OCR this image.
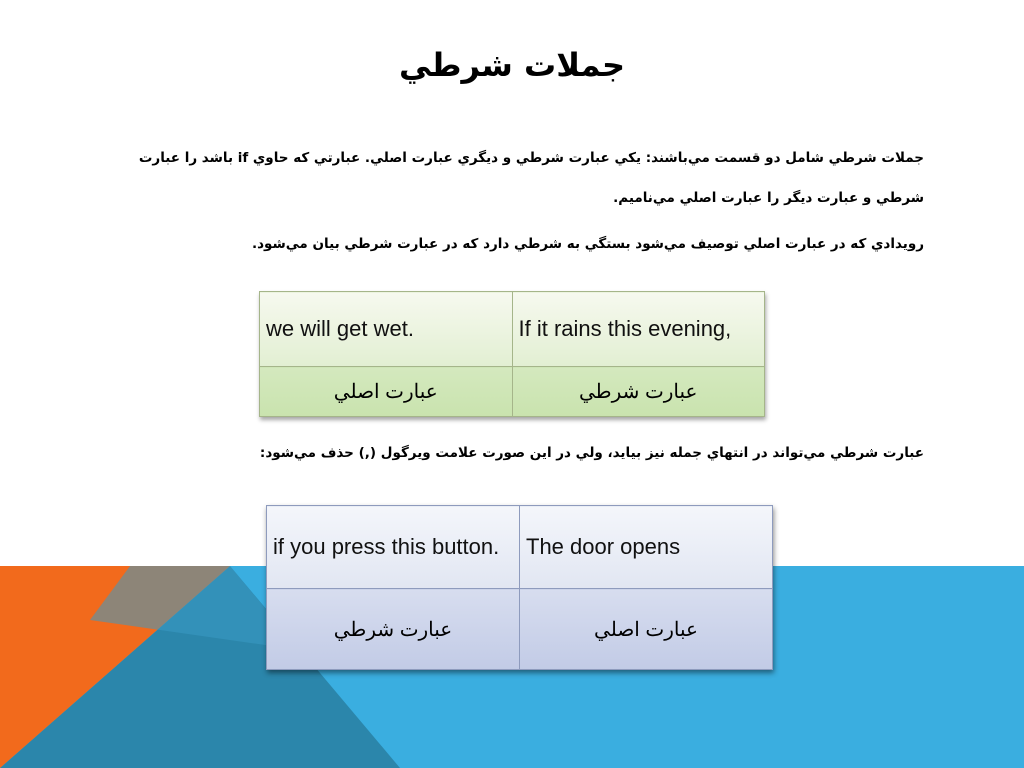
جملات شرطي

جملات شرطي شامل دو قسمت مي‌باشند: يكي عبارت شرطي و ديگري عبارت اصلي. عبارتي كه حاوي if باشد را عبارت شرطي و عبارت ديگر را عبارت اصلي مي‌ناميم.

رويدادي كه در عبارت اصلي توصيف مي‌شود بستگي به شرطي دارد كه در عبارت شرطي بيان مي‌شود.

we will get wet.	If it rains this evening,
عبارت اصلي	عبارت شرطي

عبارت شرطي مي‌تواند در انتهاي جمله نيز بيايد، ولي در اين صورت علامت ويرگول (,) حذف مي‌شود:

if you press this button.	The door opens
عبارت شرطي	عبارت اصلي
